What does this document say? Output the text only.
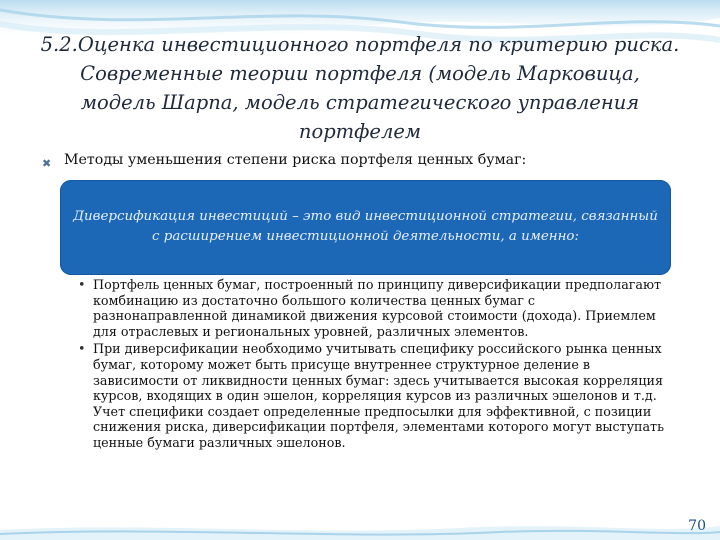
5.2.Оценка инвестиционного портфеля по критерию риска. Современные теории портфеля (модель Марковица, модель Шарпа, модель стратегического управления портфелем
✖ Методы уменьшения степени риска портфеля ценных бумаг:
Диверсификация инвестиций – это вид инвестиционной стратегии, связанный с расширением инвестиционной деятельности, а именно:
• Портфель ценных бумаг, построенный по принципу диверсификации предполагают комбинацию из достаточно большого количества ценных бумаг с разнонаправленной динамикой движения курсовой стоимости (дохода). Приемлем для отраслевых и региональных уровней, различных элементов.
• При диверсификации необходимо учитывать специфику российского рынка ценных бумаг, которому может быть присуще внутреннее структурное деление в зависимости от ликвидности ценных бумаг: здесь учитывается высокая корреляция курсов, входящих в один эшелон, корреляция курсов из различных эшелонов и т.д. Учет специфики создает определенные предпосылки для эффективной, с позиции снижения риска, диверсификации портфеля, элементами которого могут выступать ценные бумаги различных эшелонов.
70
